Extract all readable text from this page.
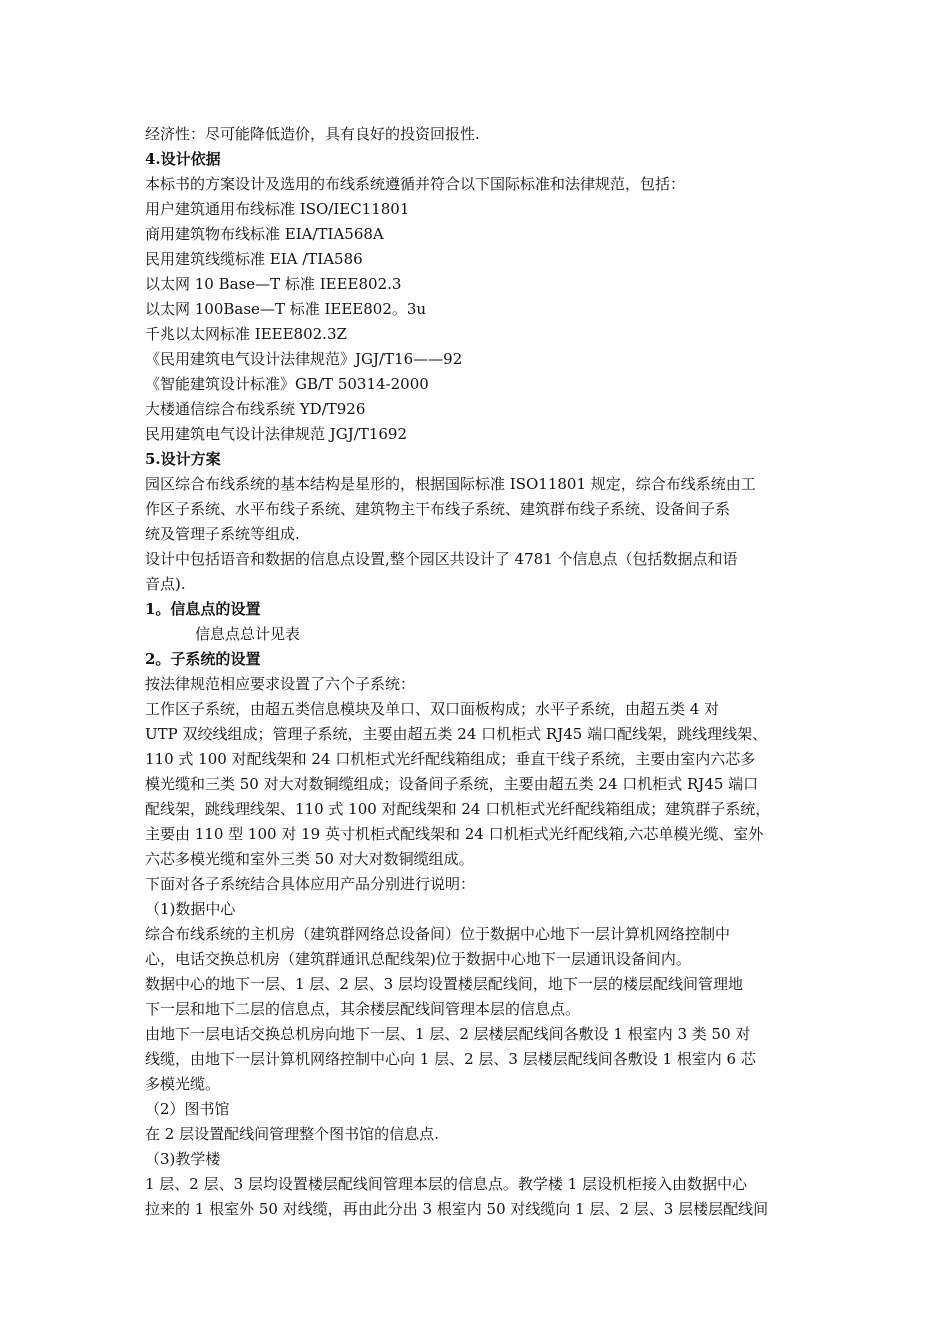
经济性：尽可能降低造价，具有良好的投资回报性.
4.设计依据
本标书的方案设计及选用的布线系统遵循并符合以下国际标准和法律规范，包括：
用户建筑通用布线标准 ISO/IEC11801
商用建筑物布线标准 EIA/TIA568A
民用建筑线缆标准 EIA /TIA586
以太网 10 Base—T 标准 IEEE802.3
以太网 100Base—T 标准 IEEE802。3u
千兆以太网标准 IEEE802.3Z
《民用建筑电气设计法律规范》JGJ/T16——92
《智能建筑设计标准》GB/T 50314-2000
大楼通信综合布线系统 YD/T926
民用建筑电气设计法律规范 JGJ/T1692
5.设计方案
园区综合布线系统的基本结构是星形的，根据国际标准 ISO11801 规定，综合布线系统由工
作区子系统、水平布线子系统、建筑物主干布线子系统、建筑群布线子系统、设备间子系
统及管理子系统等组成.
设计中包括语音和数据的信息点设置,整个园区共设计了 4781 个信息点（包括数据点和语
音点).
1。信息点的设置
信息点总计见表
2。子系统的设置
按法律规范相应要求设置了六个子系统：
工作区子系统，由超五类信息模块及单口、双口面板构成；水平子系统，由超五类 4 对
UTP 双绞线组成；管理子系统，主要由超五类 24 口机柜式 RJ45 端口配线架，跳线理线架、
110 式 100 对配线架和 24 口机柜式光纤配线箱组成；垂直干线子系统，主要由室内六芯多
模光缆和三类 50 对大对数铜缆组成；设备间子系统，主要由超五类 24 口机柜式 RJ45 端口
配线架，跳线理线架、110 式 100 对配线架和 24 口机柜式光纤配线箱组成；建筑群子系统，
主要由 110 型 100 对 19 英寸机柜式配线架和 24 口机柜式光纤配线箱,六芯单模光缆、室外
六芯多模光缆和室外三类 50 对大对数铜缆组成。
下面对各子系统结合具体应用产品分别进行说明：
（1)数据中心
综合布线系统的主机房（建筑群网络总设备间）位于数据中心地下一层计算机网络控制中
心，电话交换总机房（建筑群通讯总配线架)位于数据中心地下一层通讯设备间内。
数据中心的地下一层、1 层、2 层、3 层均设置楼层配线间，地下一层的楼层配线间管理地
下一层和地下二层的信息点，其余楼层配线间管理本层的信息点。
由地下一层电话交换总机房向地下一层、1 层、2 层楼层配线间各敷设 1 根室内 3 类 50 对
线缆，由地下一层计算机网络控制中心向 1 层、2 层、3 层楼层配线间各敷设 1 根室内 6 芯
多模光缆。
（2）图书馆
在 2 层设置配线间管理整个图书馆的信息点.
（3)教学楼
1 层、2 层、3 层均设置楼层配线间管理本层的信息点。教学楼 1 层设机柜接入由数据中心
拉来的 1 根室外 50 对线缆，再由此分出 3 根室内 50 对线缆向 1 层、2 层、3 层楼层配线间
